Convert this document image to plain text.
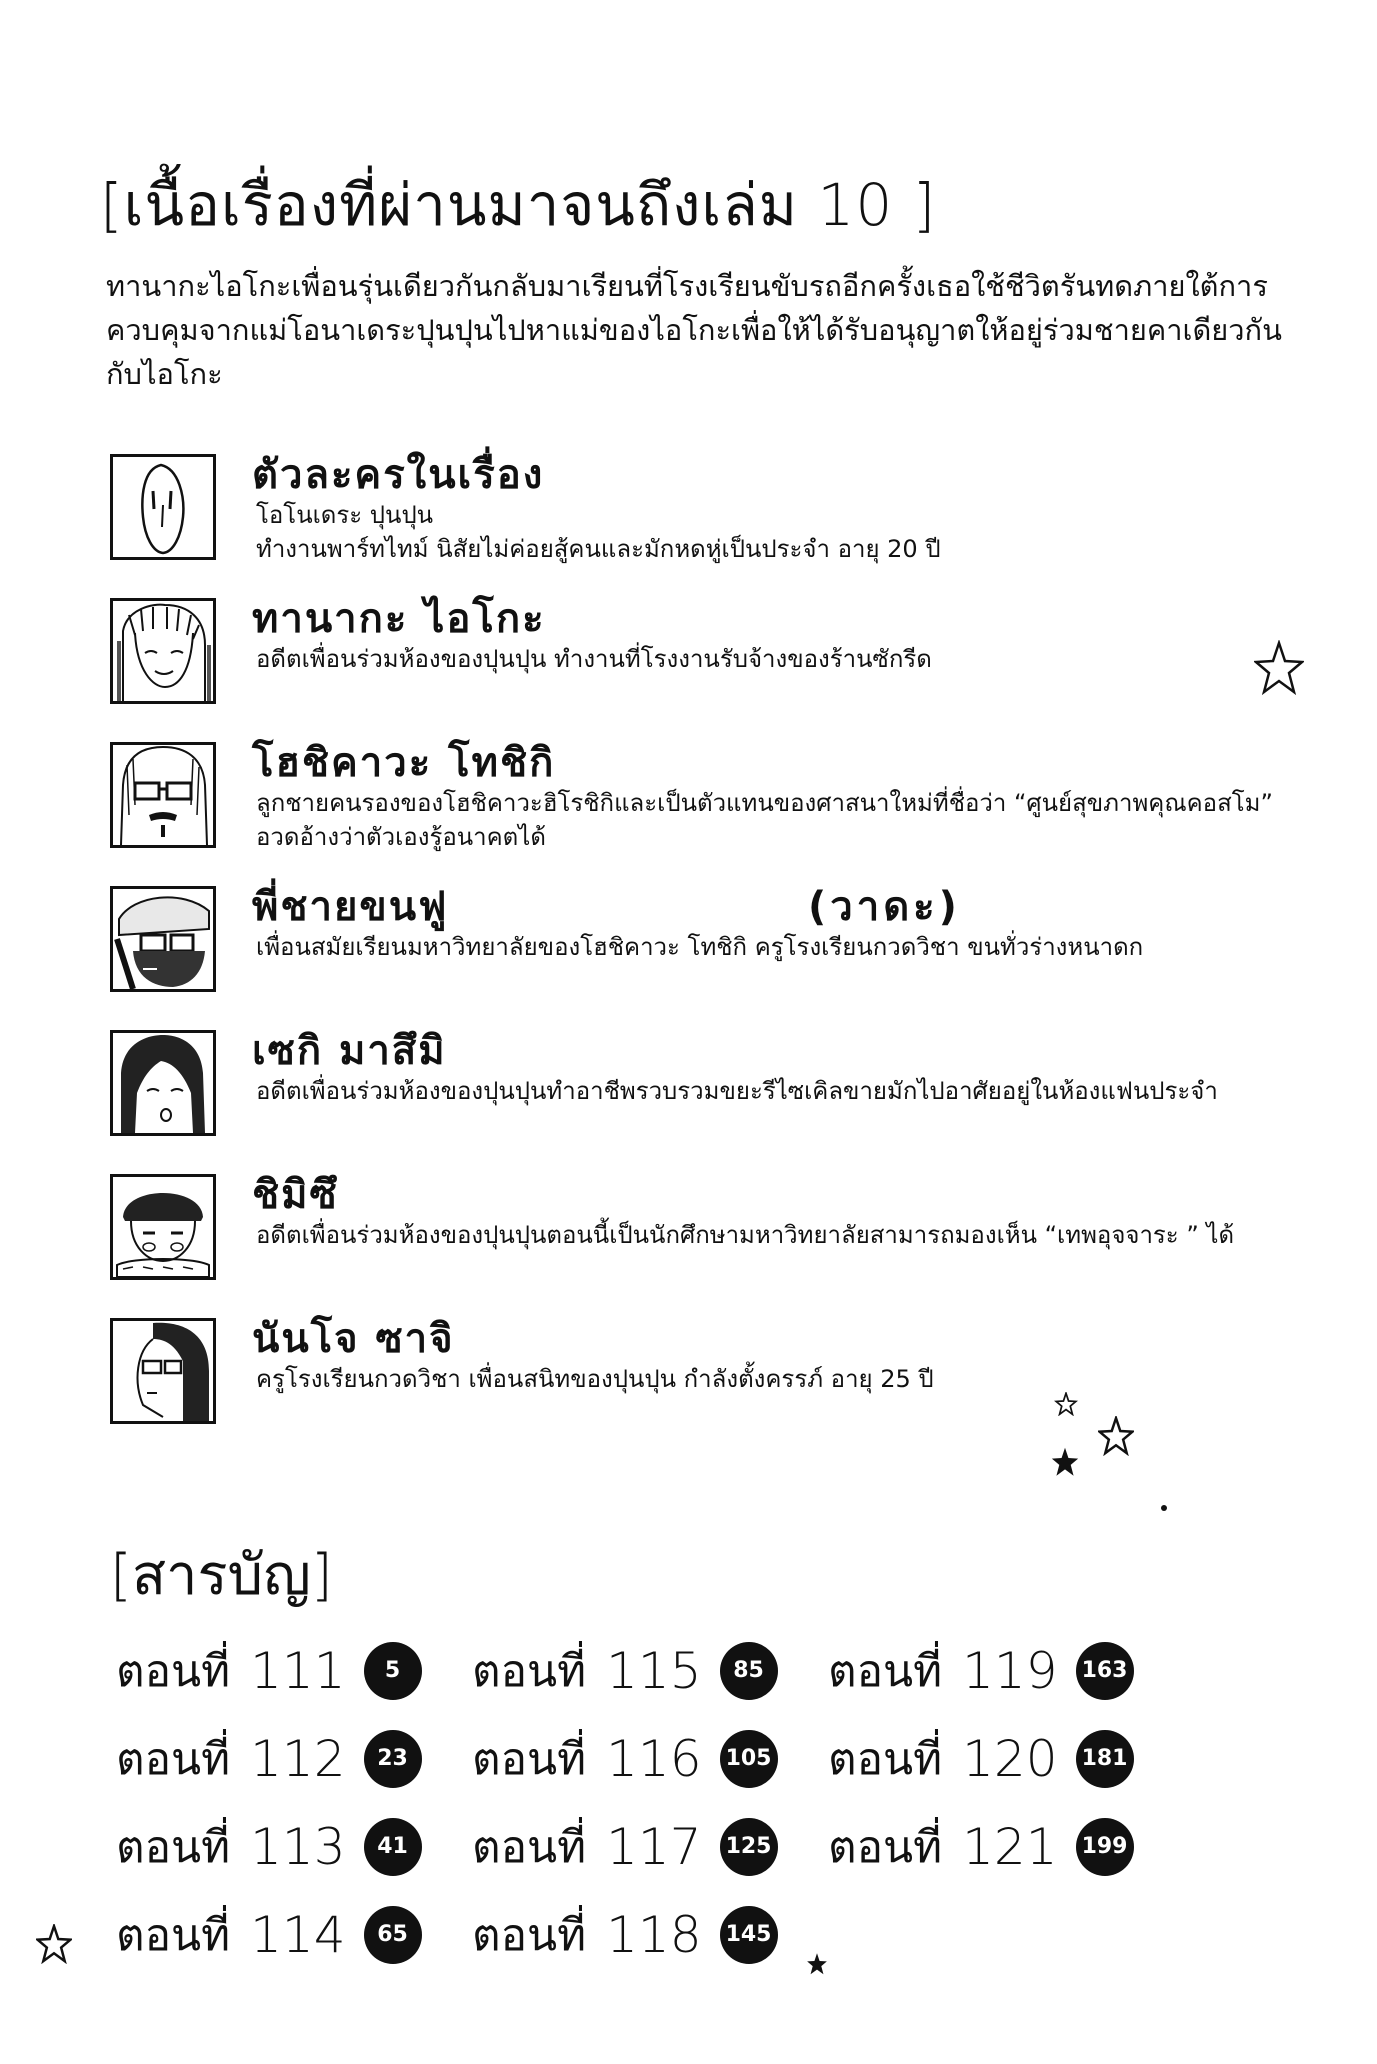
[เนื้อเรื่องที่ผ่านมาจนถึงเล่ม 10 ]
ทานากะไอโกะเพื่อนรุ่นเดียวกันกลับมาเรียนที่โรงเรียนขับรถอีกครั้งเธอใช้ชีวิตรันทดภายใต้การควบคุมจากแม่โอนาเดระปุนปุนไปหาแม่ของไอโกะเพื่อให้ได้รับอนุญาตให้อยู่ร่วมชายคาเดียวกันกับไอโกะ
ตัวละครในเรื่อง
โอโนเดระ ปุนปุน
ทำงานพาร์ทไทม์ นิสัยไม่ค่อยสู้คนและมักหดหู่เป็นประจำ อายุ 20 ปี
ทานากะ ไอโกะ
อดีตเพื่อนร่วมห้องของปุนปุน ทำงานที่โรงงานรับจ้างของร้านซักรีด
โฮชิคาวะ โทชิกิ
ลูกชายคนรองของโฮชิคาวะฮิโรชิกิและเป็นตัวแทนของศาสนาใหม่ที่ชื่อว่า “ศูนย์สุขภาพคุณคอสโม”
อวดอ้างว่าตัวเองรู้อนาคตได้
พี่ชายขนฟู	(วาดะ)
เพื่อนสมัยเรียนมหาวิทยาลัยของโฮชิคาวะ โทชิกิ ครูโรงเรียนกวดวิชา ขนทั่วร่างหนาดก
เซกิ มาสึมิ
อดีตเพื่อนร่วมห้องของปุนปุนทำอาชีพรวบรวมขยะรีไซเคิลขายมักไปอาศัยอยู่ในห้องแฟนประจำ
ชิมิซึ
อดีตเพื่อนร่วมห้องของปุนปุนตอนนี้เป็นนักศึกษามหาวิทยาลัยสามารถมองเห็น “เทพอุจจาระ ” ได้
นันโจ ซาจิ
ครูโรงเรียนกวดวิชา เพื่อนสนิทของปุนปุน กำลังตั้งครรภ์ อายุ 25 ปี
[สารบัญ]
ตอนที่ 111 5
ตอนที่ 112 23
ตอนที่ 113 41
ตอนที่ 114 65
ตอนที่ 115 85
ตอนที่ 116 105
ตอนที่ 117 125
ตอนที่ 118 145
ตอนที่ 119 163
ตอนที่ 120 181
ตอนที่ 121 199
